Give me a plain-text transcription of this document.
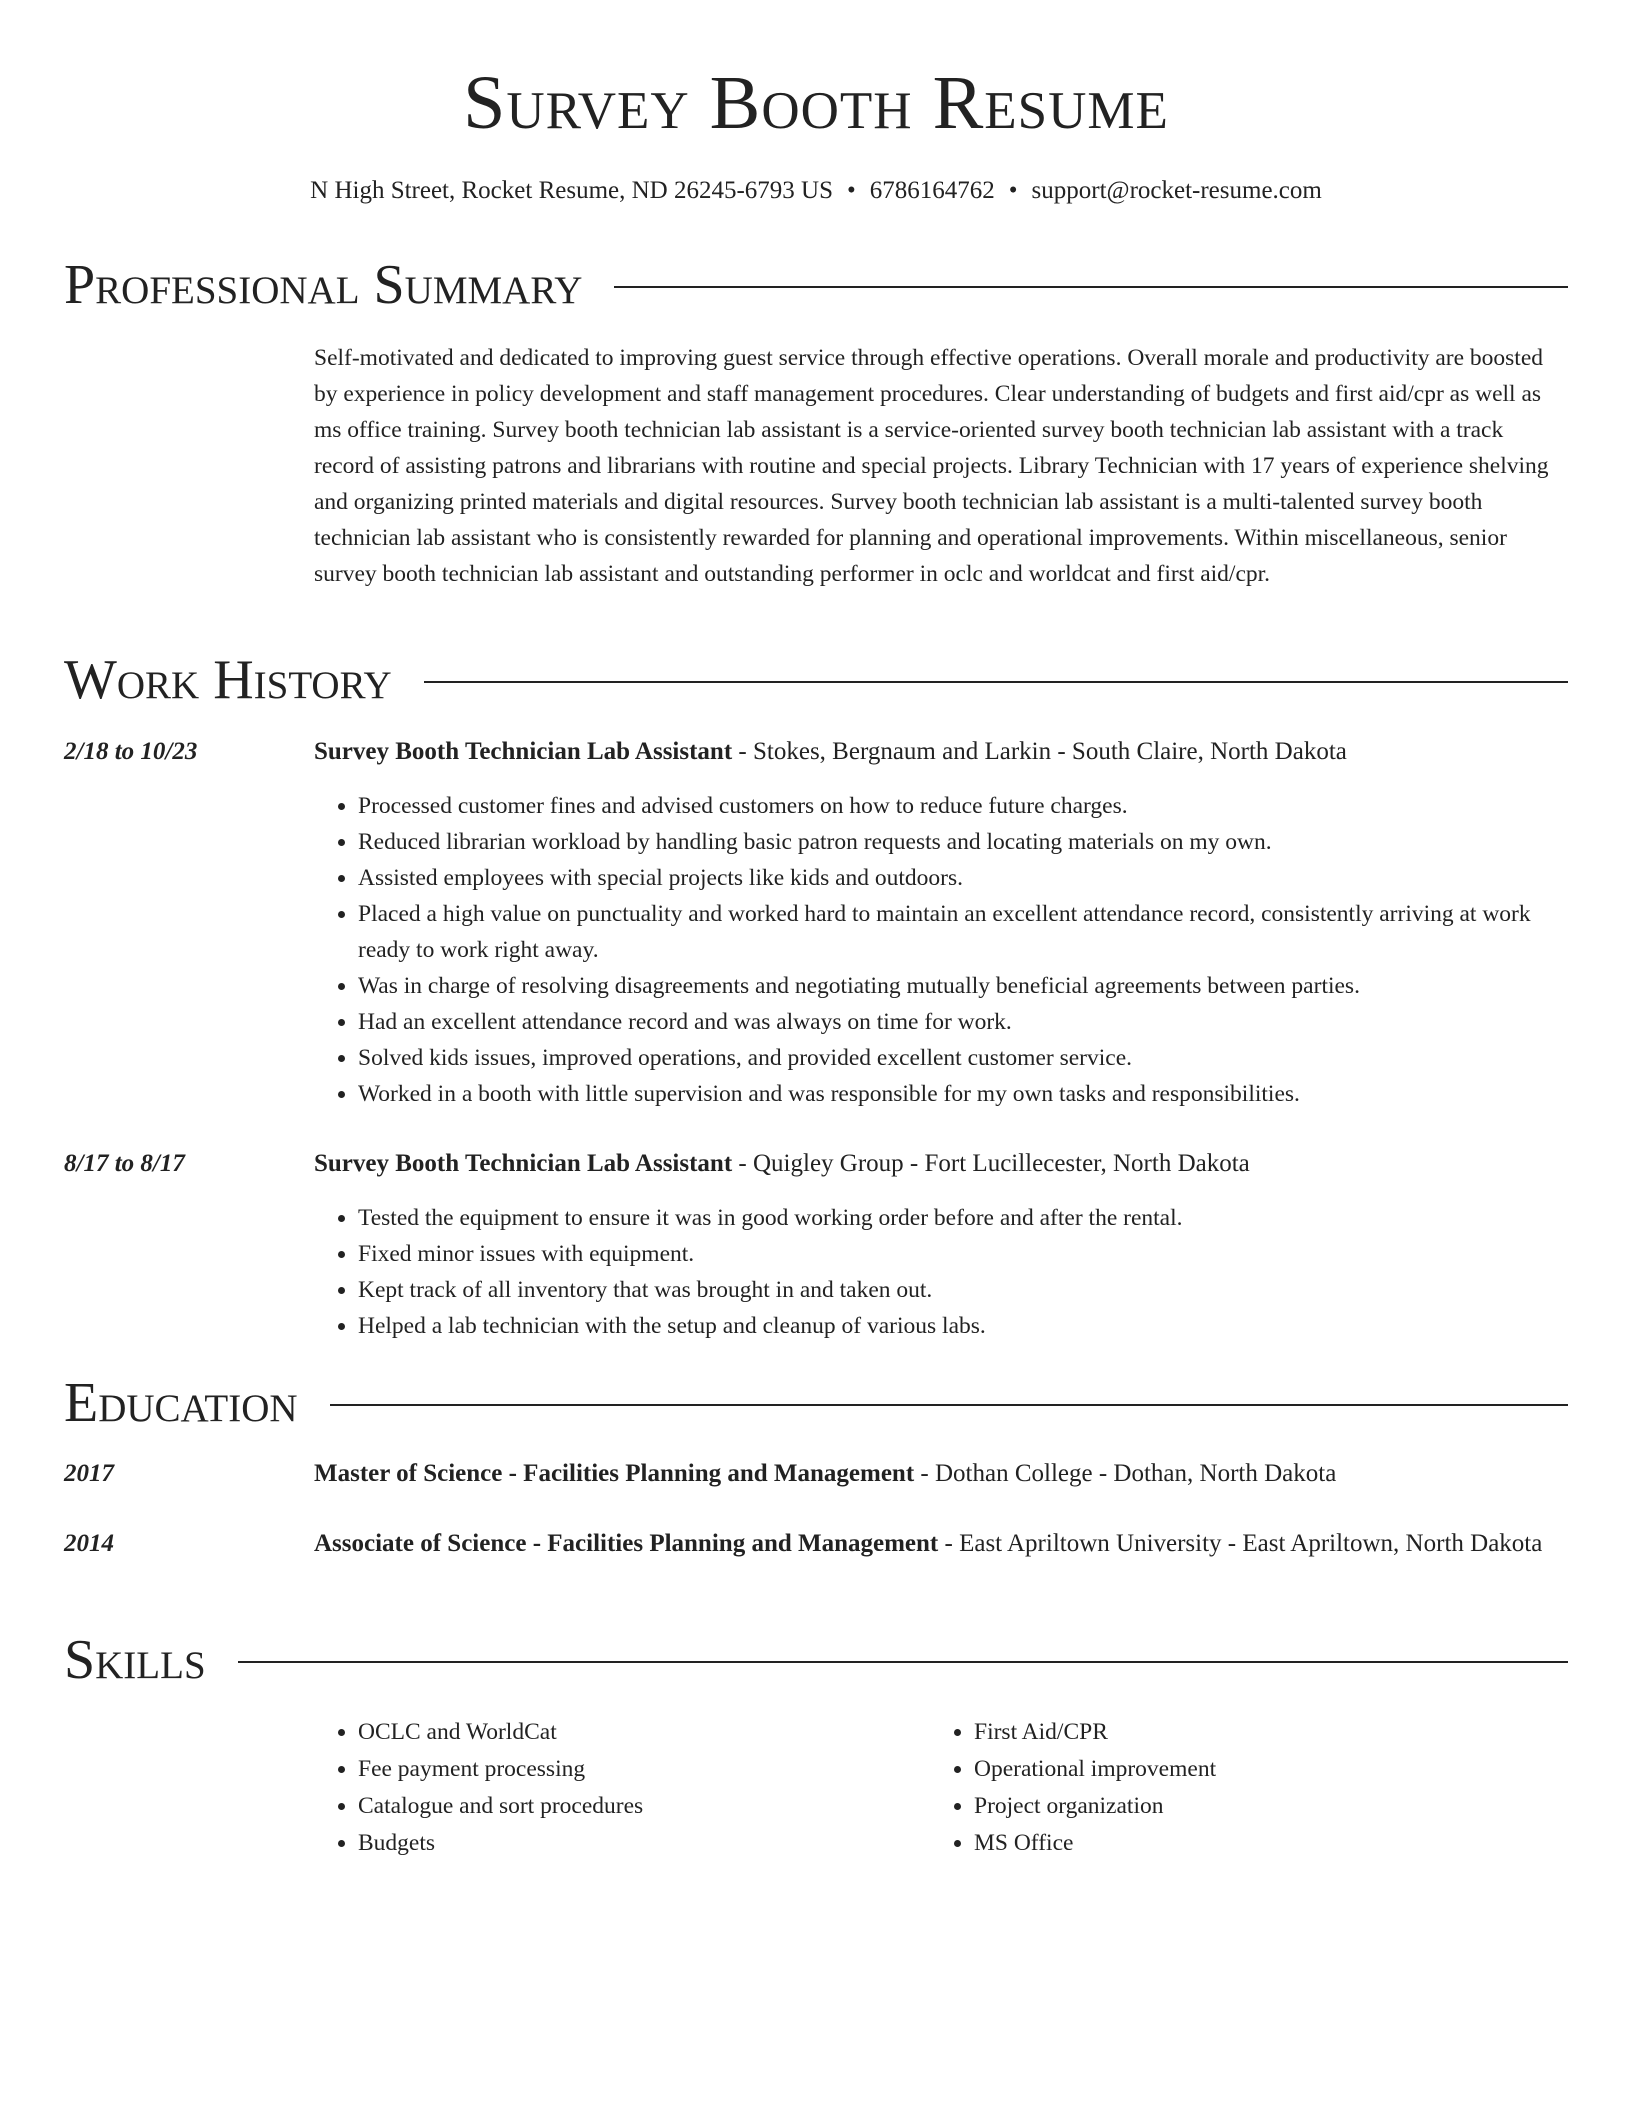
Survey Booth Resume
N High Street, Rocket Resume, ND 26245-6793 US • 6786164762 • support@rocket-resume.com
Professional Summary

Self-motivated and dedicated to improving guest service through effective operations. Overall morale and productivity are boosted by experience in policy development and staff management procedures. Clear understanding of budgets and first aid/cpr as well as ms office training. Survey booth technician lab assistant is a service-oriented survey booth technician lab assistant with a track record of assisting patrons and librarians with routine and special projects. Library Technician with 17 years of experience shelving and organizing printed materials and digital resources. Survey booth technician lab assistant is a multi-talented survey booth technician lab assistant who is consistently rewarded for planning and operational improvements. Within miscellaneous, senior survey booth technician lab assistant and outstanding performer in oclc and worldcat and first aid/cpr.

Work History
2/18 to 10/23	Survey Booth Technician Lab Assistant - Stokes, Bergnaum and Larkin - South Claire, North Dakota
• Processed customer fines and advised customers on how to reduce future charges.
• Reduced librarian workload by handling basic patron requests and locating materials on my own.
• Assisted employees with special projects like kids and outdoors.
• Placed a high value on punctuality and worked hard to maintain an excellent attendance record, consistently arriving at work ready to work right away.
• Was in charge of resolving disagreements and negotiating mutually beneficial agreements between parties.
• Had an excellent attendance record and was always on time for work.
• Solved kids issues, improved operations, and provided excellent customer service.
• Worked in a booth with little supervision and was responsible for my own tasks and responsibilities.
8/17 to 8/17	Survey Booth Technician Lab Assistant - Quigley Group - Fort Lucillecester, North Dakota
• Tested the equipment to ensure it was in good working order before and after the rental.
• Fixed minor issues with equipment.
• Kept track of all inventory that was brought in and taken out.
• Helped a lab technician with the setup and cleanup of various labs.
Education
2017	Master of Science - Facilities Planning and Management - Dothan College - Dothan, North Dakota
2014	Associate of Science - Facilities Planning and Management - East Apriltown University - East Apriltown, North Dakota
Skills
• OCLC and WorldCat
• Fee payment processing
• Catalogue and sort procedures
• Budgets
• First Aid/CPR
• Operational improvement
• Project organization
• MS Office
